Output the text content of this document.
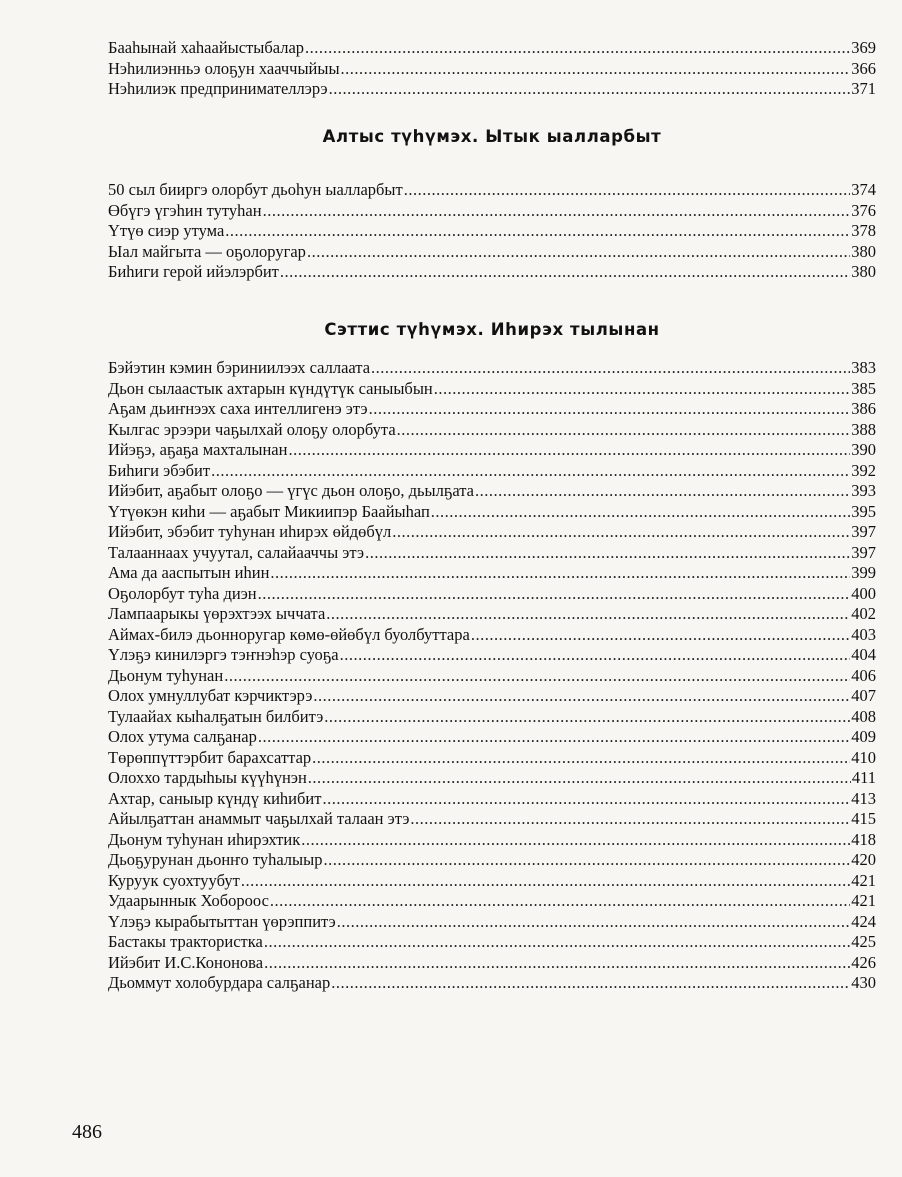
Бааһынай хаһаайыстыбалар .....	369
Нэһилиэнньэ олоҕун хааччыйыы .....	366
Нэһилиэк предпринимателлэрэ .....	371
Алтыс түһүмэх. Ытык ыалларбыт
50 сыл бииргэ олорбут дьоһун ыалларбыт .....	374
Өбүгэ үгэһин тутуһан .....	376
Үтүө сиэр утума .....	378
Ыал майгыта — оҕолоругар .....	380
Биһиги герой ийэлэрбит .....	380
Сэттис түһүмэх. Иһирэх тылынан
Бэйэтин кэмин бэриниилээх саллаата .....	383
Дьон сылаастык ахтарын күндүтүк саныыбын .....	385
Аҕам дьиҥнээх саха интеллигенэ этэ .....	386
Кылгас эрээри чаҕылхай олоҕу олорбута .....	388
Ийэҕэ, аҕаҕа махталынан .....	390
Биһиги эбэбит .....	392
Ийэбит, аҕабыт олоҕо — үгүс дьон олоҕо, дьылҕата .....	393
Үтүөкэн киһи — аҕабыт Микиипэр Баайыһап .....	395
Ийэбит, эбэбит туһунан иһирэх өйдөбүл .....	397
Талааннаах учуутал, салайааччы этэ .....	397
Ама да ааспытын иһин .....	399
Оҕолорбут туһа диэн .....	400
Лампаарыкы үөрэхтээх ыччата .....	402
Аймах-билэ дьонноругар көмө-өйөбүл буолбуттара .....	403
Үлэҕэ кинилэргэ тэҥнэһэр суоҕа .....	404
Дьонум туһунан .....	406
Олох умнуллубат кэрчиктэрэ .....	407
Тулаайах кыһалҕатын билбитэ .....	408
Олох утума салҕанар .....	409
Төрөппүттэрбит барахсаттар .....	410
Олоххо тардыһыы күүһүнэн .....	411
Ахтар, саныыр күндү киһибит .....	413
Айылҕаттан анаммыт чаҕылхай талаан этэ .....	415
Дьонум туһунан иһирэхтик .....	418
Дьоҕурунан дьонҥо туһалыыр .....	420
Куруук суохтуубут .....	421
Удаарыннык Хобороос .....	421
Үлэҕэ кырабытыттан үөрэппитэ .....	424
Бастакы трактористка .....	425
Ийэбит И.С.Кононова .....	426
Дьоммут холобурдара салҕанар .....	430
486
